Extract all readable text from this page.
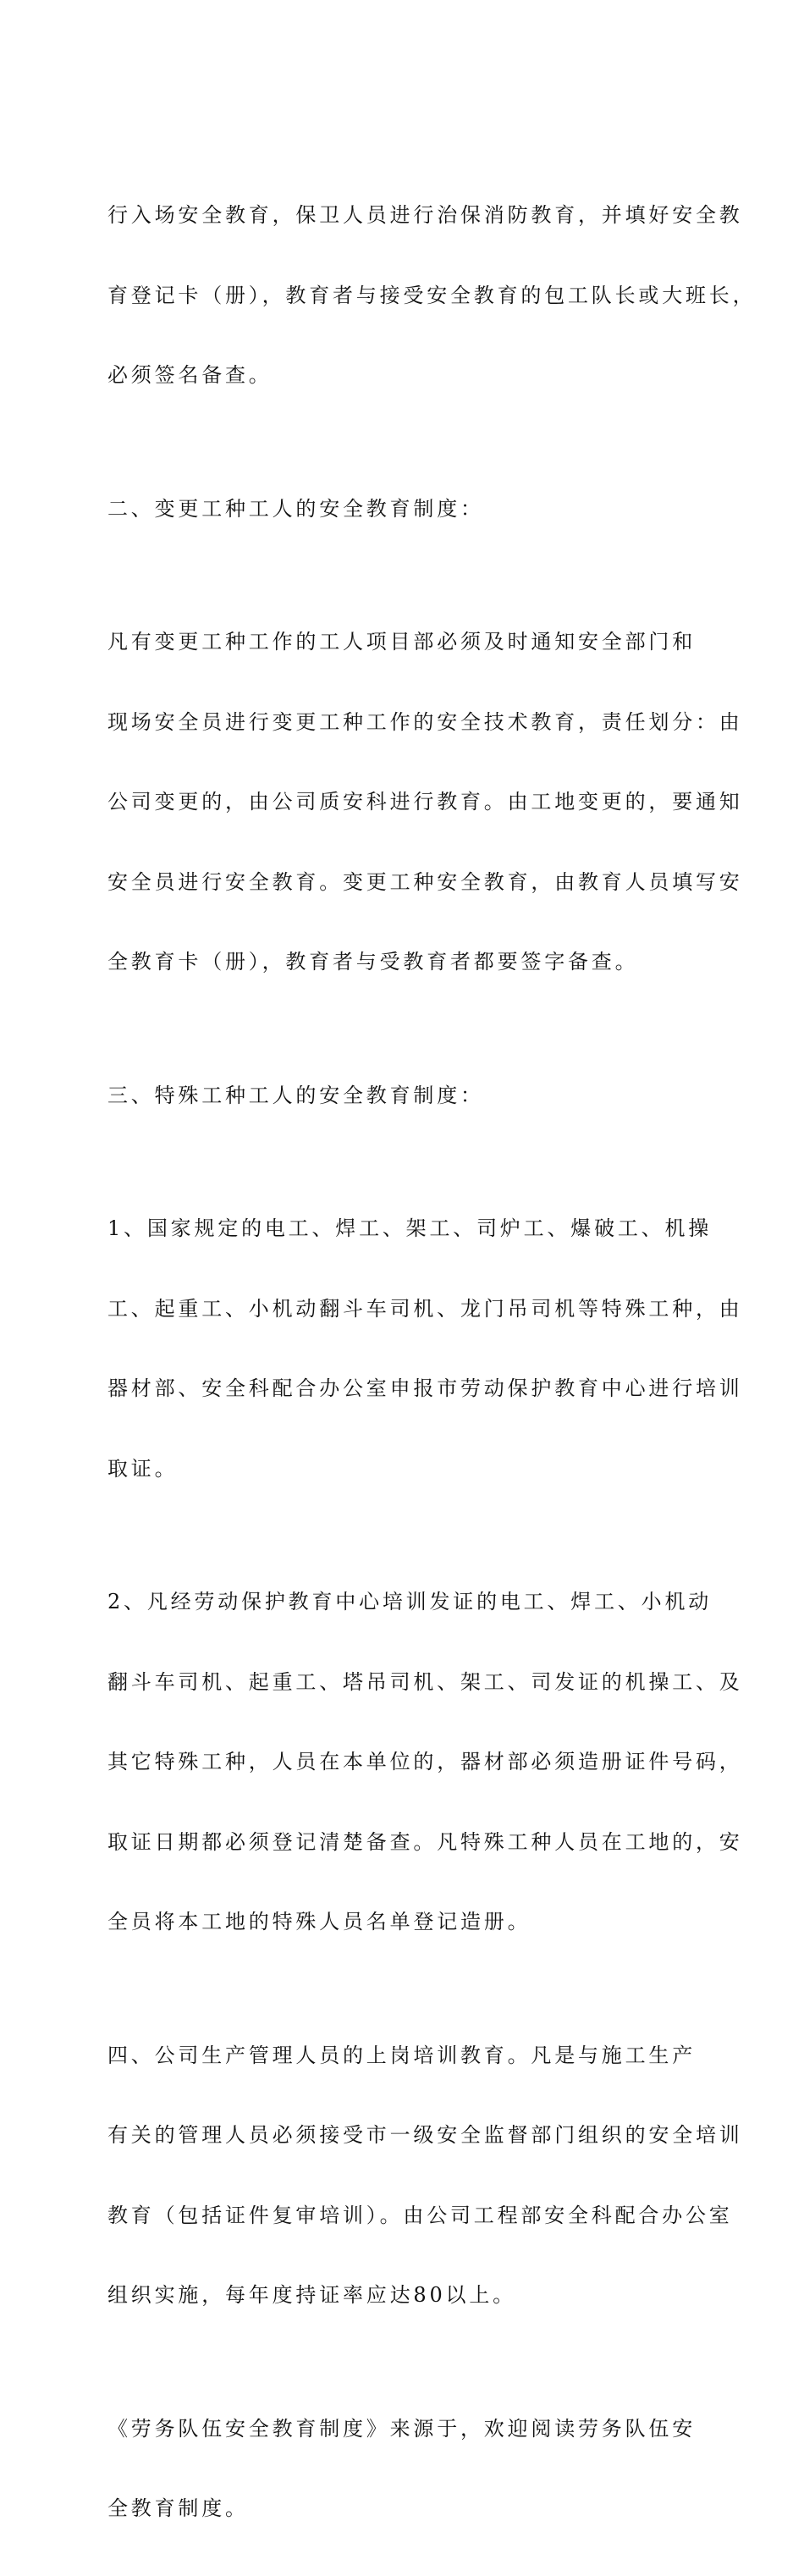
行入场安全教育，保卫人员进行治保消防教育，并填好安全教

育登记卡（册），教育者与接受安全教育的包工队长或大班长，

必须签名备查。

二、变更工种工人的安全教育制度：

凡有变更工种工作的工人项目部必须及时通知安全部门和

现场安全员进行变更工种工作的安全技术教育，责任划分：由

公司变更的，由公司质安科进行教育。由工地变更的，要通知

安全员进行安全教育。变更工种安全教育，由教育人员填写安

全教育卡（册），教育者与受教育者都要签字备查。

三、特殊工种工人的安全教育制度：

1、国家规定的电工、焊工、架工、司炉工、爆破工、机操

工、起重工、小机动翻斗车司机、龙门吊司机等特殊工种，由

器材部、安全科配合办公室申报市劳动保护教育中心进行培训

取证。

2、凡经劳动保护教育中心培训发证的电工、焊工、小机动

翻斗车司机、起重工、塔吊司机、架工、司发证的机操工、及

其它特殊工种，人员在本单位的，器材部必须造册证件号码，

取证日期都必须登记清楚备查。凡特殊工种人员在工地的，安

全员将本工地的特殊人员名单登记造册。

四、公司生产管理人员的上岗培训教育。凡是与施工生产

有关的管理人员必须接受市一级安全监督部门组织的安全培训

教育（包括证件复审培训）。由公司工程部安全科配合办公室

组织实施，每年度持证率应达80以上。

《劳务队伍安全教育制度》来源于，欢迎阅读劳务队伍安

全教育制度。
